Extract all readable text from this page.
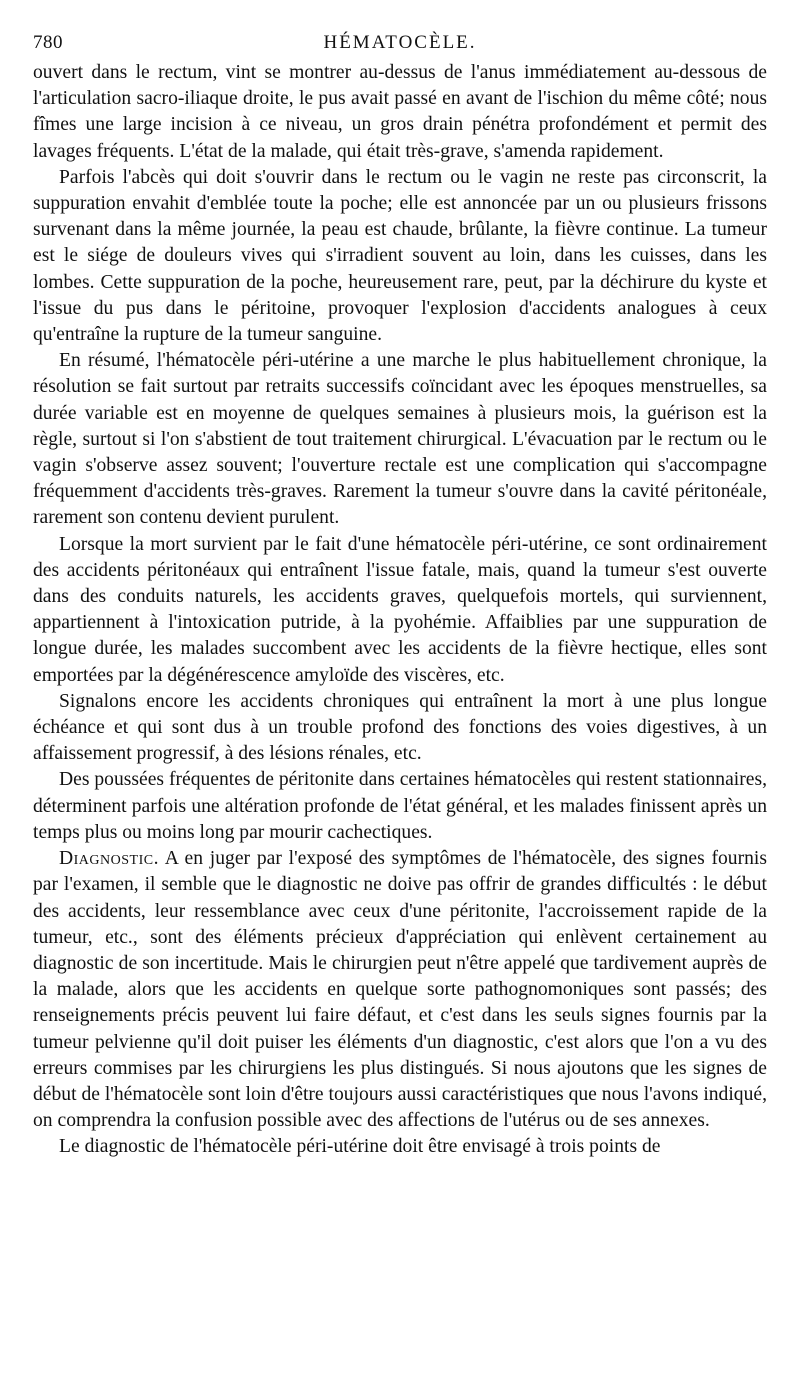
780	HÉMATOCÈLE.

ouvert dans le rectum, vint se montrer au-dessus de l'anus immédiatement au-dessous de l'articulation sacro-iliaque droite, le pus avait passé en avant de l'ischion du même côté; nous fîmes une large incision à ce niveau, un gros drain pénétra profondément et permit des lavages fréquents. L'état de la malade, qui était très-grave, s'amenda rapidement.

Parfois l'abcès qui doit s'ouvrir dans le rectum ou le vagin ne reste pas circonscrit, la suppuration envahit d'emblée toute la poche; elle est annoncée par un ou plusieurs frissons survenant dans la même journée, la peau est chaude, brûlante, la fièvre continue. La tumeur est le siége de douleurs vives qui s'irradient souvent au loin, dans les cuisses, dans les lombes. Cette suppuration de la poche, heureusement rare, peut, par la déchirure du kyste et l'issue du pus dans le péritoine, provoquer l'explosion d'accidents analogues à ceux qu'entraîne la rupture de la tumeur sanguine.

En résumé, l'hématocèle péri-utérine a une marche le plus habituellement chronique, la résolution se fait surtout par retraits successifs coïncidant avec les époques menstruelles, sa durée variable est en moyenne de quelques semaines à plusieurs mois, la guérison est la règle, surtout si l'on s'abstient de tout traitement chirurgical. L'évacuation par le rectum ou le vagin s'observe assez souvent; l'ouverture rectale est une complication qui s'accompagne fréquemment d'accidents très-graves. Rarement la tumeur s'ouvre dans la cavité péritonéale, rarement son contenu devient purulent.

Lorsque la mort survient par le fait d'une hématocèle péri-utérine, ce sont ordinairement des accidents péritonéaux qui entraînent l'issue fatale, mais, quand la tumeur s'est ouverte dans des conduits naturels, les accidents graves, quelquefois mortels, qui surviennent, appartiennent à l'intoxication putride, à la pyohémie. Affaiblies par une suppuration de longue durée, les malades succombent avec les accidents de la fièvre hectique, elles sont emportées par la dégénérescence amyloïde des viscères, etc.

Signalons encore les accidents chroniques qui entraînent la mort à une plus longue échéance et qui sont dus à un trouble profond des fonctions des voies digestives, à un affaissement progressif, à des lésions rénales, etc.

Des poussées fréquentes de péritonite dans certaines hématocèles qui restent stationnaires, déterminent parfois une altération profonde de l'état général, et les malades finissent après un temps plus ou moins long par mourir cachectiques.

Diagnostic. A en juger par l'exposé des symptômes de l'hématocèle, des signes fournis par l'examen, il semble que le diagnostic ne doive pas offrir de grandes difficultés : le début des accidents, leur ressemblance avec ceux d'une péritonite, l'accroissement rapide de la tumeur, etc., sont des éléments précieux d'appréciation qui enlèvent certainement au diagnostic de son incertitude. Mais le chirurgien peut n'être appelé que tardivement auprès de la malade, alors que les accidents en quelque sorte pathognomoniques sont passés; des renseignements précis peuvent lui faire défaut, et c'est dans les seuls signes fournis par la tumeur pelvienne qu'il doit puiser les éléments d'un diagnostic, c'est alors que l'on a vu des erreurs commises par les chirurgiens les plus distingués. Si nous ajoutons que les signes de début de l'hématocèle sont loin d'être toujours aussi caractéristiques que nous l'avons indiqué, on comprendra la confusion possible avec des affections de l'utérus ou de ses annexes.

Le diagnostic de l'hématocèle péri-utérine doit être envisagé à trois points de
